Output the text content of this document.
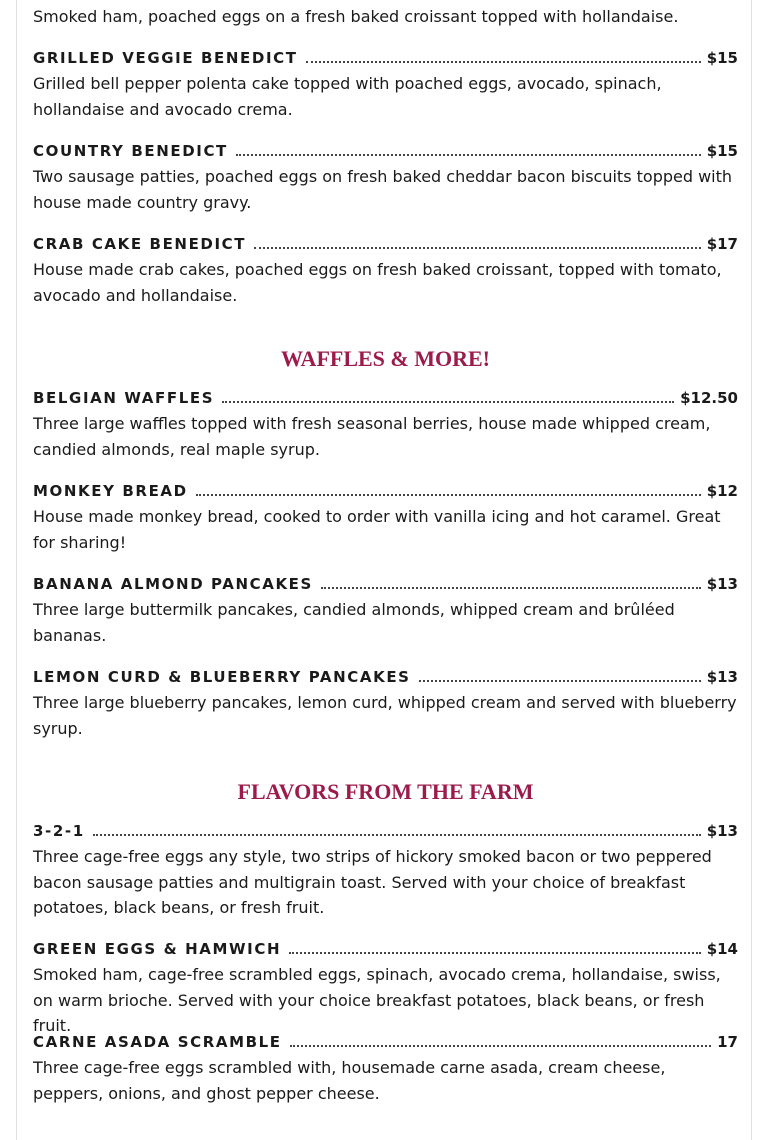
Smoked ham, poached eggs on a fresh baked croissant topped with hollandaise.

GRILLED VEGGIE BENEDICT	$15

Grilled bell pepper polenta cake topped with poached eggs, avocado, spinach, hollandaise and avocado crema.

COUNTRY BENEDICT	$15

Two sausage patties, poached eggs on fresh baked cheddar bacon biscuits topped with house made country gravy.

CRAB CAKE BENEDICT	$17

House made crab cakes, poached eggs on fresh baked croissant, topped with tomato, avocado and hollandaise.

WAFFLES & MORE!
BELGIAN WAFFLES	$12.50

Three large waffles topped with fresh seasonal berries, house made whipped cream, candied almonds, real maple syrup.

MONKEY BREAD	$12

House made monkey bread, cooked to order with vanilla icing and hot caramel. Great for sharing!

BANANA ALMOND PANCAKES	$13

Three large buttermilk pancakes, candied almonds, whipped cream and brûléed bananas.

LEMON CURD & BLUEBERRY PANCAKES	$13

Three large blueberry pancakes, lemon curd, whipped cream and served with blueberry syrup.

FLAVORS FROM THE FARM
3-2-1	$13

Three cage-free eggs any style, two strips of hickory smoked bacon or two peppered bacon sausage patties and multigrain toast. Served with your choice of breakfast potatoes, black beans, or fresh fruit.

GREEN EGGS & HAMWICH	$14

Smoked ham, cage-free scrambled eggs, spinach, avocado crema, hollandaise, swiss, on warm brioche. Served with your choice breakfast potatoes, black beans, or fresh fruit.

CARNE ASADA SCRAMBLE	17

Three cage-free eggs scrambled with, housemade carne asada, cream cheese, peppers, onions, and ghost pepper cheese.
